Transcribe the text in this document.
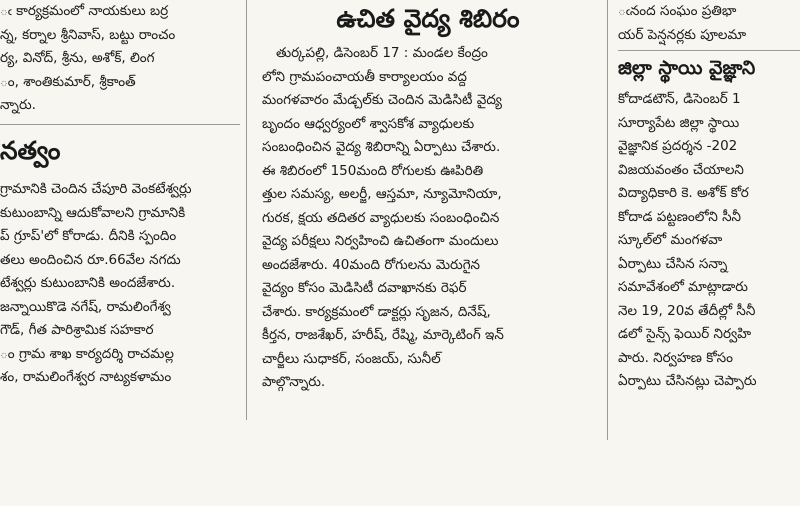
ఁ కార్యక్రమంలో నాయకులు బర్ర
న్న, కర్నాల శ్రీనివాస్, బట్టు రాంచం
ర్య, వినోద్, శ్రీను, అశోక్, లింగ
ం, శాంతికుమార్, శ్రీకాంత్
న్నారు.
నత్వం
గ్రామానికి చెందిన చేపూరి వెంకటేశ్వర్లు
కుటుంబాన్ని ఆదుకోవాలని గ్రామానికి
ప్ గ్రూప్'లో కోరాడు. దీనికి స్పందిం
తలు అందించిన రూ.66వేల నగదు
టేశ్వర్లు కుటుంబానికి అందజేశారు.
జన్నాయికొడె నగేష్, రామలింగేశ్వ
గౌడ్, గీత పారిశ్రామిక సహకార
ం గ్రామ శాఖ కార్యదర్శి రాచమల్ల
శం, రామలింగేశ్వర నాట్యకళామం
ఉచిత వైద్య శిబిరం
తుర్కపల్లి, డిసెంబర్ 17 : మండల కేంద్రం
లోని గ్రామపంచాయతీ కార్యాలయం వద్ద
మంగళవారం మేడ్చల్‌కు చెందిన మెడిసిటీ వైద్య
బృందం ఆధ్వర్యంలో శ్వాసకోశ వ్యాధులకు
సంబంధించిన వైద్య శిబిరాన్ని ఏర్పాటు చేశారు.
ఈ శిబిరంలో 150మంది రోగులకు ఊపిరితి
త్తుల సమస్య, అలర్జీ, ఆస్తమా, న్యూమోనియా,
గురక, క్షయ తదితర వ్యాధులకు సంబంధించిన
వైద్య పరీక్షలు నిర్వహించి ఉచితంగా మందులు
అందజేశారు. 40మంది రోగులను మెరుగైన
వైద్యం కోసం మెడిసిటీ దవాఖానకు రెఫర్
చేశారు. కార్యక్రమంలో డాక్టర్లు సృజన, దినేష్,
కీర్తన, రాజశేఖర్, హరీష్, రేష్మి, మార్కెటింగ్ ఇన్
చార్జీలు సుధాకర్, సంజయ్, సునీల్
పాల్గొన్నారు.
ఁనంద సంఘం ప్రతిభా
యర్ పెన్షనర్లకు పూలమా
జిల్లా స్థాయి వైజ్ఞాని
కోదాడటౌన్, డిసెంబర్ 1
సూర్యాపేట జిల్లా స్థాయి
వైజ్ఞానిక ప్రదర్శన -202
విజయవంతం చేయాలని
విద్యాధికారి కె. అశోక్ కోర
కోదాడ పట్టణంలోని సీనీ
స్కూల్‌లో మంగళవా
ఏర్పాటు చేసిన సన్నా
సమావేశంలో మాట్లాడారు
నెల 19, 20వ తేదీల్లో సీనీ
డలో సైన్స్ ఫెయిర్ నిర్వహి
పారు. నిర్వహణ కోసం
ఏర్పాటు చేసినట్లు చెప్పారు
